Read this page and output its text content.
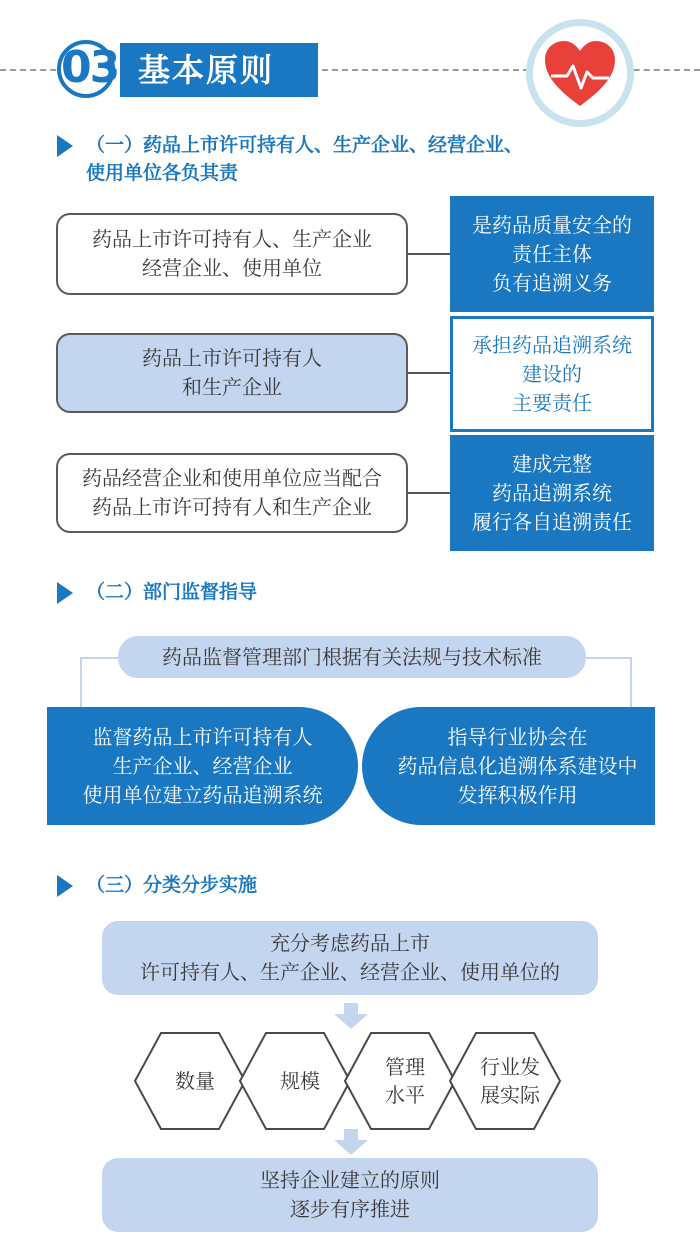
03 基本原则
（一）药品上市许可持有人、生产企业、经营企业、
使用单位各负其责
药品上市许可持有人、生产企业
经营企业、使用单位
是药品质量安全的
责任主体
负有追溯义务
药品上市许可持有人
和生产企业
承担药品追溯系统
建设的
主要责任
药品经营企业和使用单位应当配合
药品上市许可持有人和生产企业
建成完整
药品追溯系统
履行各自追溯责任
（二）部门监督指导
药品监督管理部门根据有关法规与技术标准
监督药品上市许可持有人
生产企业、经营企业
使用单位建立药品追溯系统
指导行业协会在
药品信息化追溯体系建设中
发挥积极作用
（三）分类分步实施
充分考虑药品上市
许可持有人、生产企业、经营企业、使用单位的
数量	规模
管理
水平
行业发
展实际
坚持企业建立的原则
逐步有序推进
